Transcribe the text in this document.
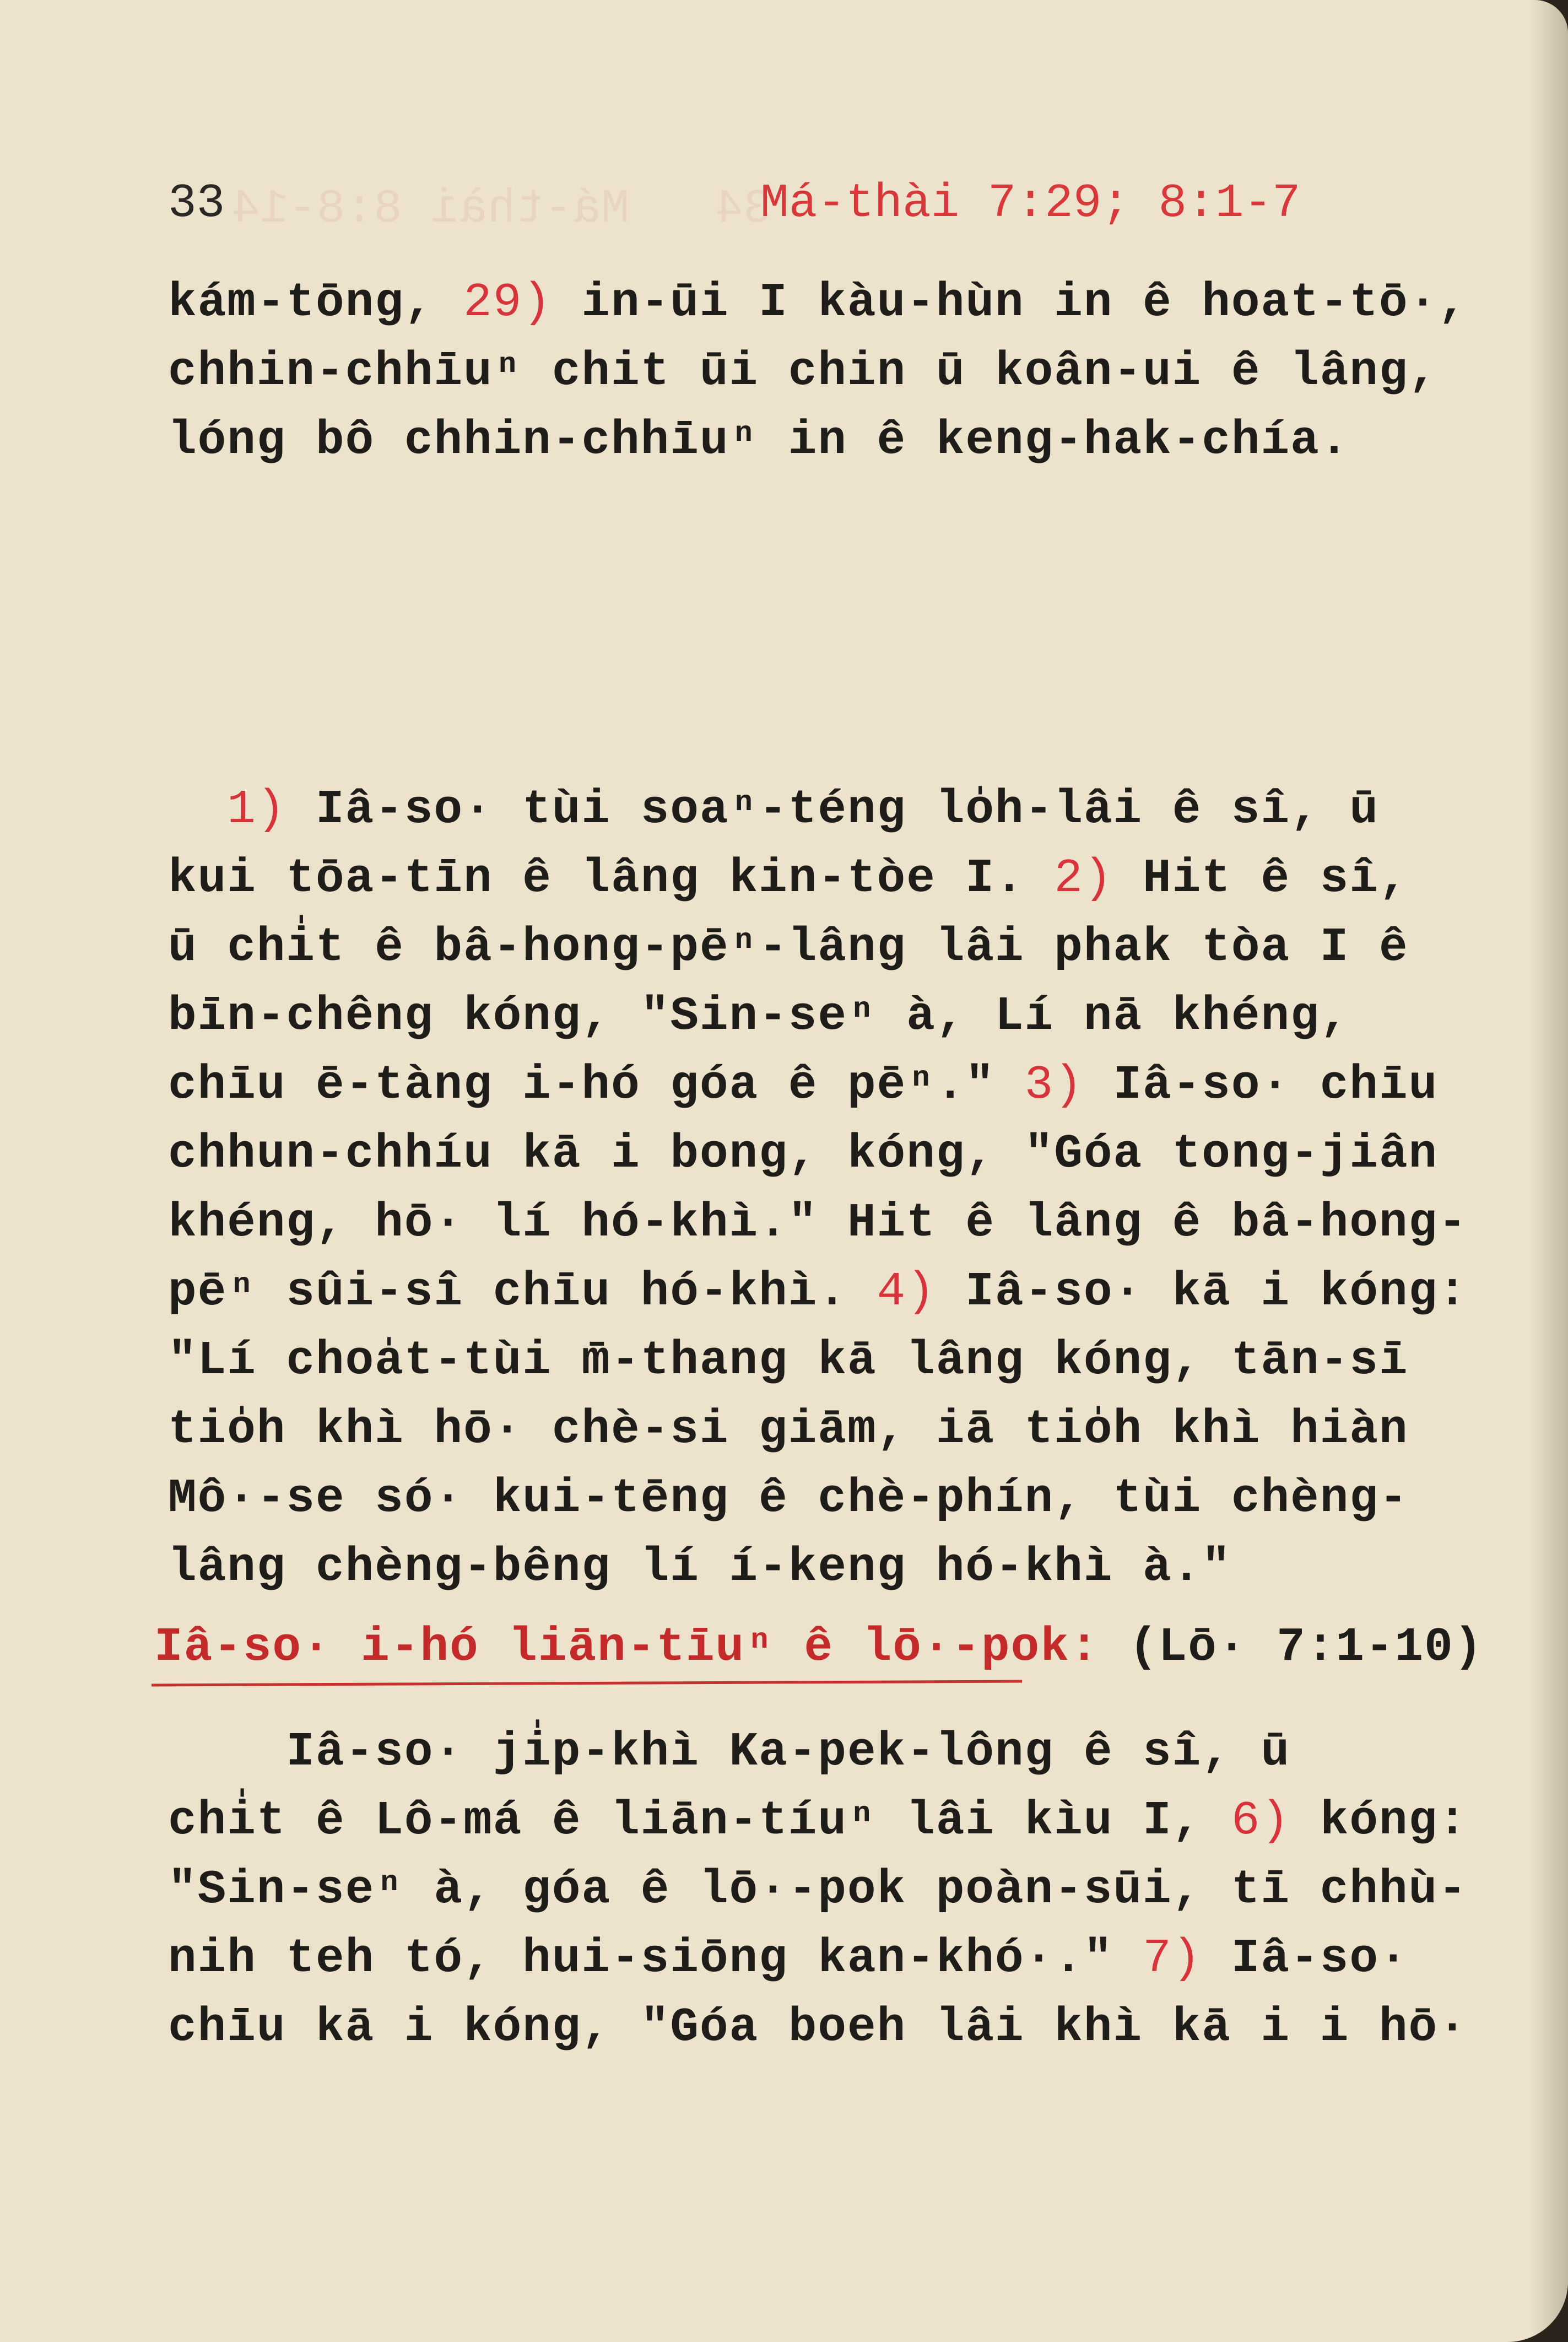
34   Má-thài 8:8-14
33	Má-thài 7:29; 8:1-7
kám-tōng, 29) in-ūi I kàu-hùn in ê hoat-tō·,
chhin-chhīuⁿ chit ūi chin ū koân-ui ê lâng,
lóng bô chhin-chhīuⁿ in ê keng-hak-chía.
1) Iâ-so· tùi soaⁿ-téng lo̍h-lâi ê sî, ū
kui tōa-tīn ê lâng kin-tòe I. 2) Hit ê sî,
ū chi̍t ê bâ-hong-pēⁿ-lâng lâi phak tòa I ê
bīn-chêng kóng, "Sin-seⁿ à, Lí nā khéng,
chīu ē-tàng i-hó góa ê pēⁿ." 3) Iâ-so· chīu
chhun-chhíu kā i bong, kóng, "Góa tong-jiân
khéng, hō· lí hó-khì." Hit ê lâng ê bâ-hong-
pēⁿ sûi-sî chīu hó-khì. 4) Iâ-so· kā i kóng:
"Lí choa̍t-tùi m̄-thang kā lâng kóng, tān-sī
tio̍h khì hō· chè-si giām, iā tio̍h khì hiàn
Mô·-se só· kui-tēng ê chè-phín, tùi chèng-
lâng chèng-bêng lí í-keng hó-khì à."
Iâ-so· i-hó liān-tīuⁿ ê lō·-pok: (Lō· 7:1-10)
Iâ-so· ji̍p-khì Ka-pek-lông ê sî, ū
chi̍t ê Lô-má ê liān-tíuⁿ lâi kìu I, 6) kóng:
"Sin-seⁿ à, góa ê lō·-pok poàn-sūi, tī chhù-
nih teh tó, hui-siōng kan-khó·." 7) Iâ-so·
chīu kā i kóng, "Góa boeh lâi khì kā i i hō·
